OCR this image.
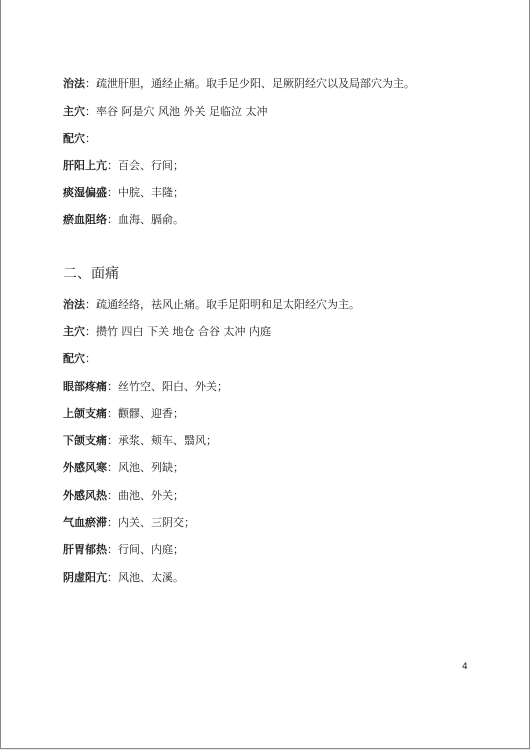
治法：疏泄肝胆，通经止痛。取手足少阳、足厥阴经穴以及局部穴为主。
主穴：率谷 阿是穴 风池 外关 足临泣 太冲
配穴：
肝阳上亢：百会、行间；
痰湿偏盛：中脘、丰隆；
瘀血阻络：血海、膈俞。
二、面痛
治法：疏通经络，祛风止痛。取手足阳明和足太阳经穴为主。
主穴：攒竹 四白 下关 地仓 合谷 太冲 内庭
配穴：
眼部疼痛：丝竹空、阳白、外关；
上颌支痛：颧髎、迎香；
下颌支痛：承浆、颊车、翳风；
外感风寒：风池、列缺；
外感风热：曲池、外关；
气血瘀滞：内关、三阴交；
肝胃郁热：行间、内庭；
阴虚阳亢：风池、太溪。
4
